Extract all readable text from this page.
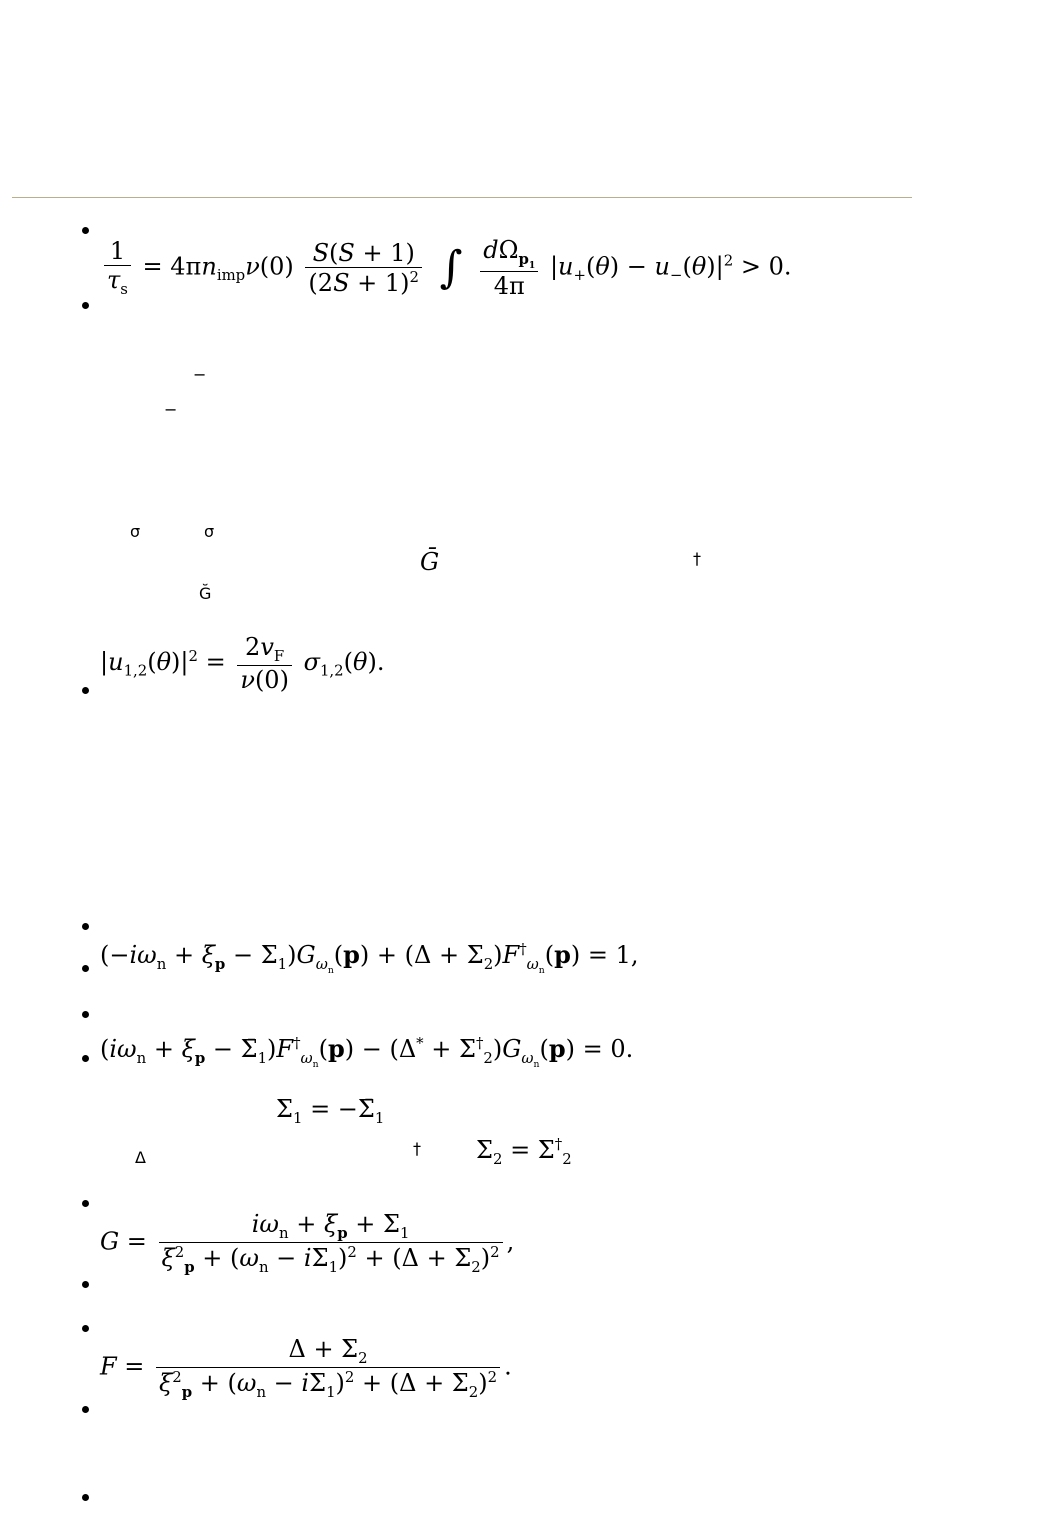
$\frac{1}{\tau_s} = 4\pi n_{imp}\nu(0) \frac{S(S + 1)}{(2S + 1)^2}$ ∫ $\frac{d\Omega_{p_1}}{4\pi} |u_+(\theta) - u_-(\theta)|^2 > 0$.
−
−
σ	σ
Ḡ	†
Ğ
$|u_{1,2}(\theta)|^2 = \frac{2v_F}{\nu(0)} \sigma_{1,2}(\theta)$.
$(-i\omega_n + \xi_p - \Sigma_1)G_{\omega_n}(p) + (\Delta + \Sigma_2)F^\dagger_{\omega_n}(p) = 1$,
($i\omega_n + \xi_p$ − $\Sigmā_1)F^\dagger_{\omega_n}(p) - (\Delta^* + \Sigma^\dagger_2)G_{\omega_n}(p) = 0$.
$\Sigma_1$ = $-\Sigmā_1$
Δ	† $\Sigma_2 = \Sigma^\dagger_2$
$G = \frac{i\omega_n + \xi_p + \Sigma_1}{\xi^2_p + (\omega_n - i\Sigma_1)^2 + (\Delta + \Sigma_2)^2}$ ,
$F = \frac{\Delta + \Sigma_2}{\xi^2_p + (\omega_n - i\Sigma_1)^2 + (\Delta + \Sigma_2)^2}$ .
